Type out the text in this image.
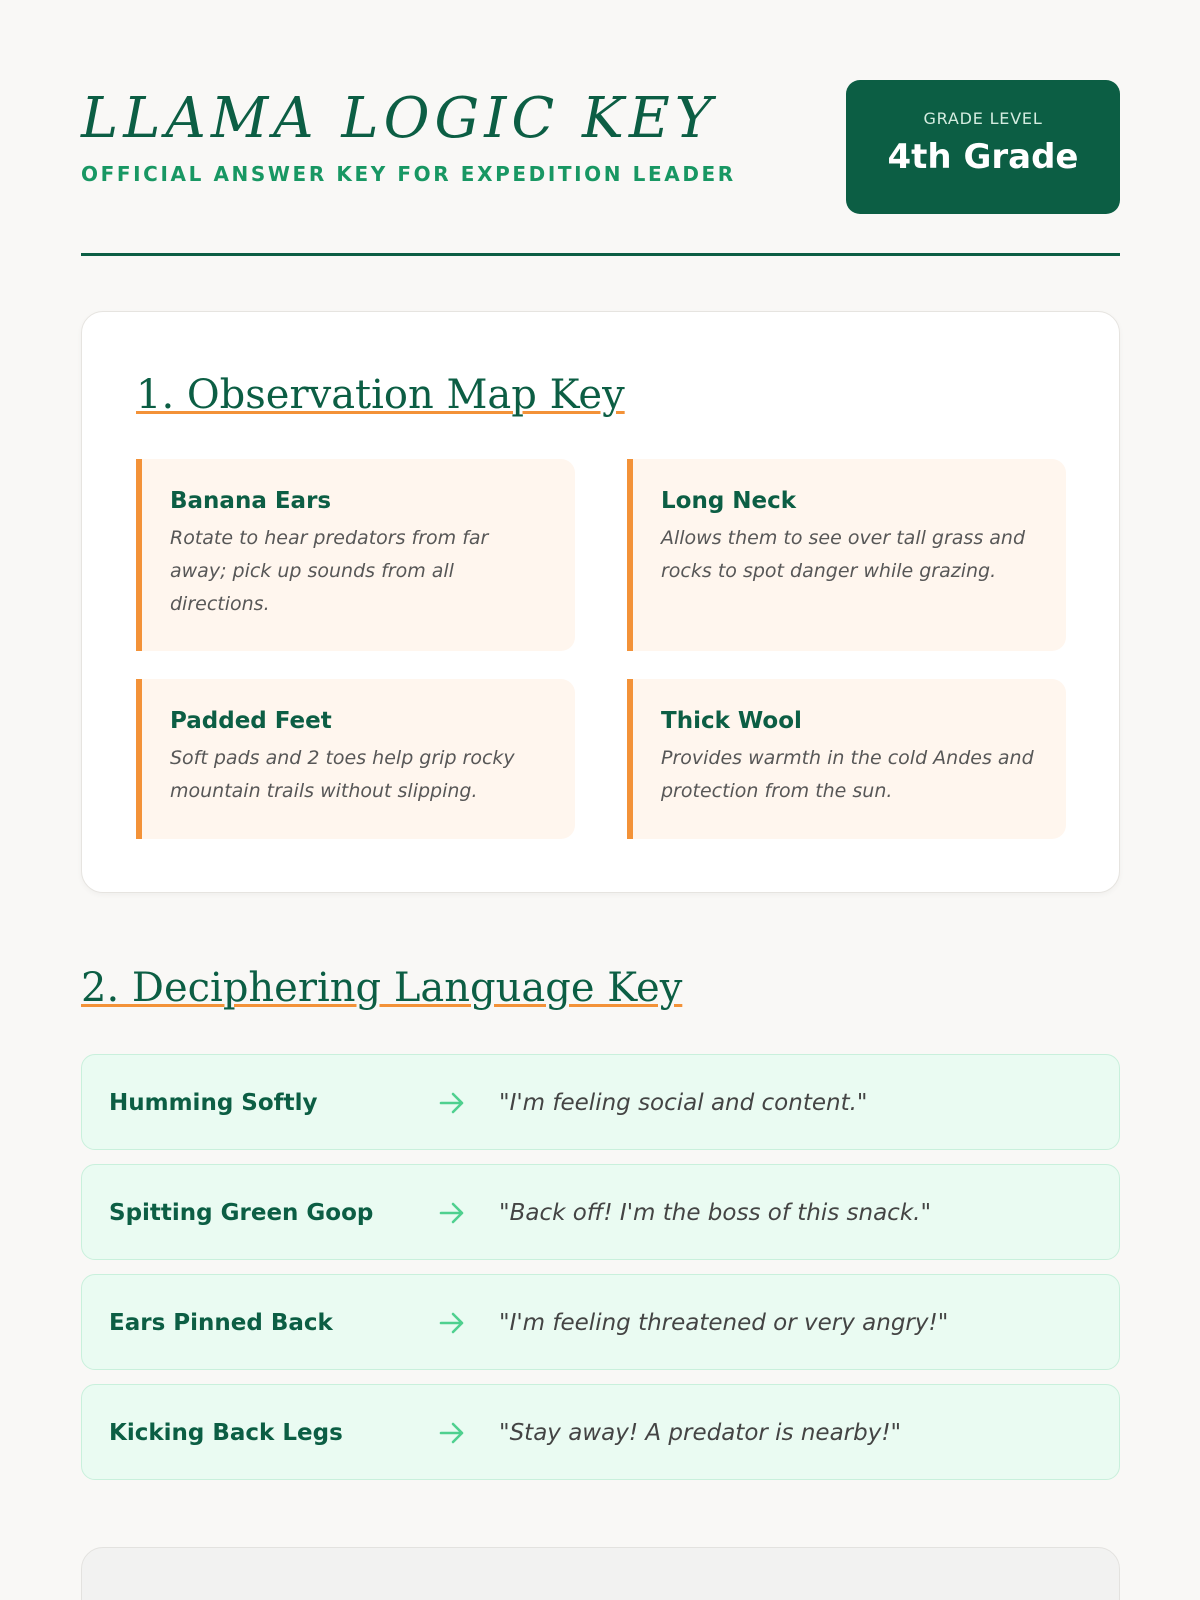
LLAMA LOGIC KEY
OFFICIAL ANSWER KEY FOR EXPEDITION LEADER
GRADE LEVEL
4th Grade
1. Observation Map Key
Banana Ears
Rotate to hear predators from far away; pick up sounds from all directions.
Long Neck
Allows them to see over tall grass and rocks to spot danger while grazing.
Padded Feet
Soft pads and 2 toes help grip rocky mountain trails without slipping.
Thick Wool
Provides warmth in the cold Andes and protection from the sun.
2. Deciphering Language Key
Humming Softly	"I'm feeling social and content."
Spitting Green Goop	"Back off! I'm the boss of this snack."
Ears Pinned Back	"I'm feeling threatened or very angry!"
Kicking Back Legs	"Stay away! A predator is nearby!"
